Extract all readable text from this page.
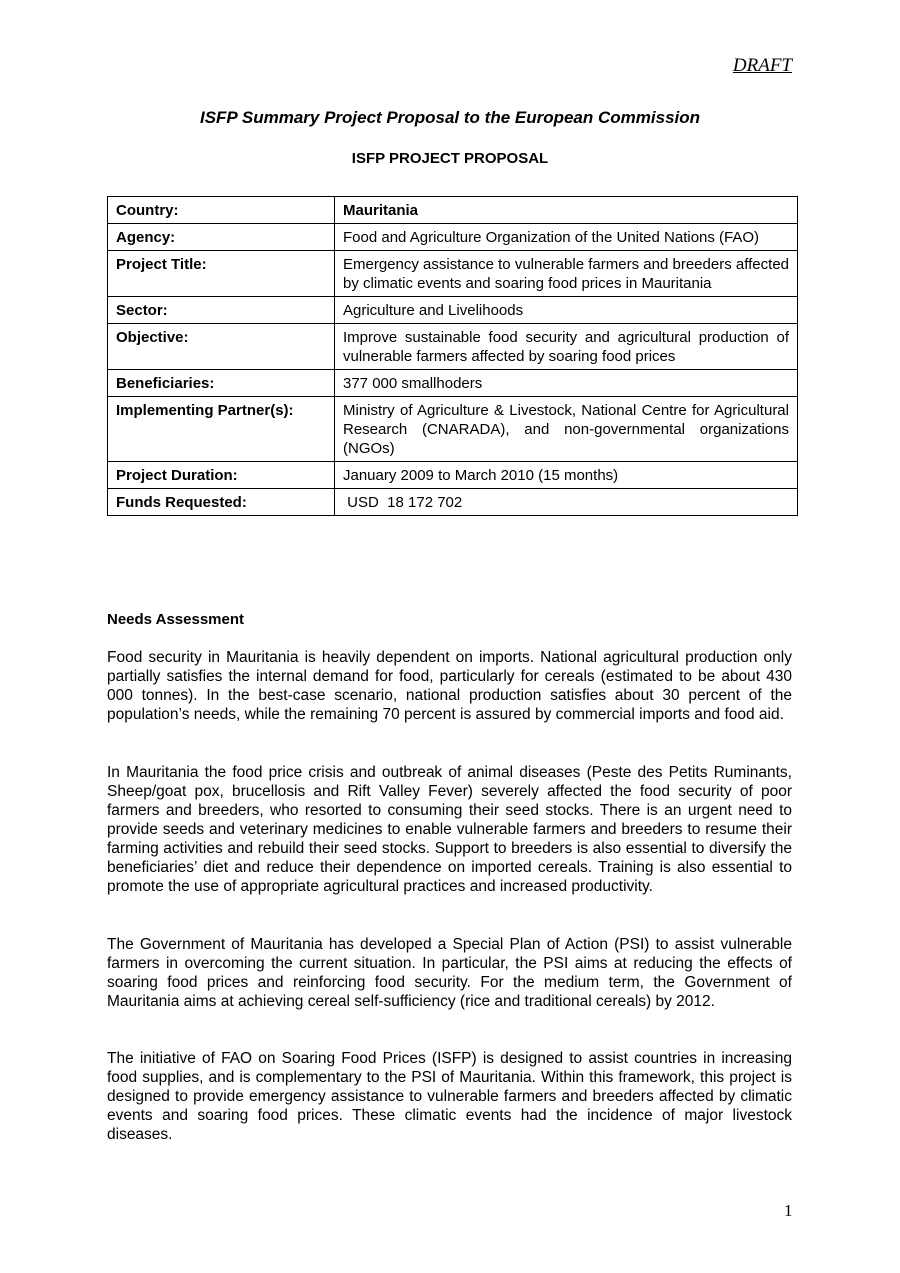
DRAFT
ISFP Summary Project Proposal to the European Commission
ISFP PROJECT PROPOSAL
Country:	Mauritania
Agency:	Food and Agriculture Organization of the United Nations (FAO)
Project Title:	Emergency assistance to vulnerable farmers and breeders affected by climatic events and soaring food prices in Mauritania
Sector:	Agriculture and Livelihoods
Objective:	Improve sustainable food security and agricultural production of vulnerable farmers affected by soaring food prices
Beneficiaries:	377 000 smallhoders
Implementing Partner(s):	Ministry of Agriculture & Livestock, National Centre for Agricultural Research (CNARADA), and non-governmental organizations (NGOs)
Project Duration:	January 2009 to March 2010 (15 months)
Funds Requested:	USD  18 172 702
Needs Assessment

Food security in Mauritania is heavily dependent on imports. National agricultural production only partially satisfies the internal demand for food, particularly for cereals (estimated to be about 430 000 tonnes). In the best-case scenario, national production satisfies about 30 percent of the population’s needs, while the remaining 70 percent is assured by commercial imports and food aid.

In Mauritania the food price crisis and outbreak of animal diseases (Peste des Petits Ruminants, Sheep/goat pox, brucellosis and Rift Valley Fever) severely affected the food security of poor farmers and breeders, who resorted to consuming their seed stocks. There is an urgent need to provide seeds and veterinary medicines to enable vulnerable farmers and breeders to resume their farming activities and rebuild their seed stocks. Support to breeders is also essential to diversify the beneficiaries’ diet and reduce their dependence on imported cereals. Training is also essential to promote the use of appropriate agricultural practices and increased productivity.

The Government of Mauritania has developed a Special Plan of Action (PSI) to assist vulnerable farmers in overcoming the current situation. In particular, the PSI aims at reducing the effects of soaring food prices and reinforcing food security. For the medium term, the Government of Mauritania aims at achieving cereal self-sufficiency (rice and traditional cereals) by 2012.

The initiative of FAO on Soaring Food Prices (ISFP) is designed to assist countries in increasing food supplies, and is complementary to the PSI of Mauritania. Within this framework, this project is designed to provide emergency assistance to vulnerable farmers and breeders affected by climatic events and soaring food prices. These climatic events had the incidence of major livestock diseases.

1
